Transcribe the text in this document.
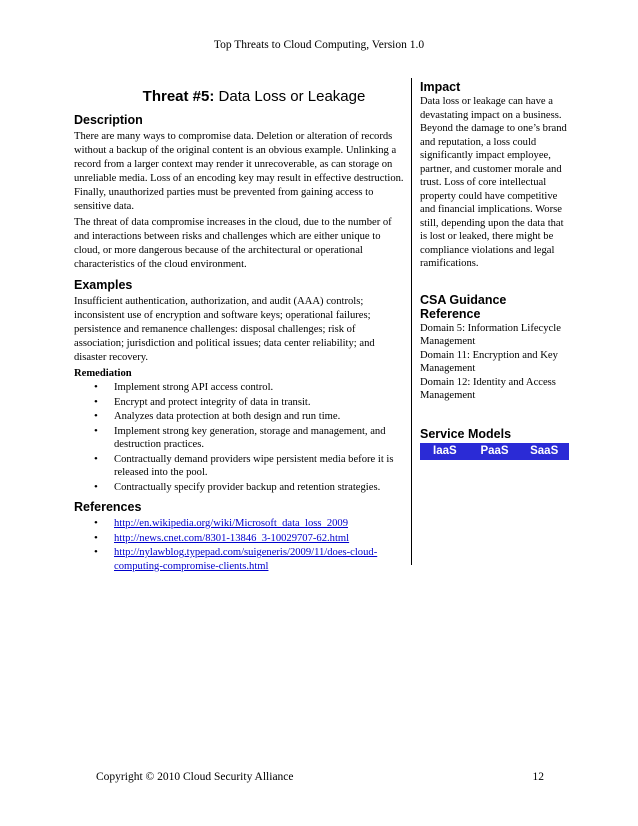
Top Threats to Cloud Computing, Version 1.0
Threat #5: Data Loss or Leakage
Description

There are many ways to compromise data. Deletion or alteration of records without a backup of the original content is an obvious example. Unlinking a record from a larger context may render it unrecoverable, as can storage on unreliable media. Loss of an encoding key may result in effective destruction. Finally, unauthorized parties must be prevented from gaining access to sensitive data.

The threat of data compromise increases in the cloud, due to the number of and interactions between risks and challenges which are either unique to cloud, or more dangerous because of the architectural or operational characteristics of the cloud environment.

Examples

Insufficient authentication, authorization, and audit (AAA) controls; inconsistent use of encryption and software keys; operational failures; persistence and remanence challenges: disposal challenges; risk of association; jurisdiction and political issues; data center reliability; and disaster recovery.

Remediation
• Implement strong API access control.
• Encrypt and protect integrity of data in transit.
• Analyzes data protection at both design and run time.
• Implement strong key generation, storage and management, and destruction practices.
• Contractually demand providers wipe persistent media before it is released into the pool.
• Contractually specify provider backup and retention strategies.
References
• http://en.wikipedia.org/wiki/Microsoft_data_loss_2009
• http://news.cnet.com/8301-13846_3-10029707-62.html
• http://nylawblog.typepad.com/suigeneris/2009/11/does-cloud-computing-compromise-clients.html
Impact

Data loss or leakage can have a devastating impact on a business. Beyond the damage to one’s brand and reputation, a loss could significantly impact employee, partner, and customer morale and trust. Loss of core intellectual property could have competitive and financial implications. Worse still, depending upon the data that is lost or leaked, there might be compliance violations and legal ramifications.

CSA Guidance
Reference

Domain 5: Information Lifecycle Management

Domain 11: Encryption and Key Management

Domain 12: Identity and Access Management

Service Models
IaaS	PaaS	SaaS
Copyright © 2010 Cloud Security Alliance	12
